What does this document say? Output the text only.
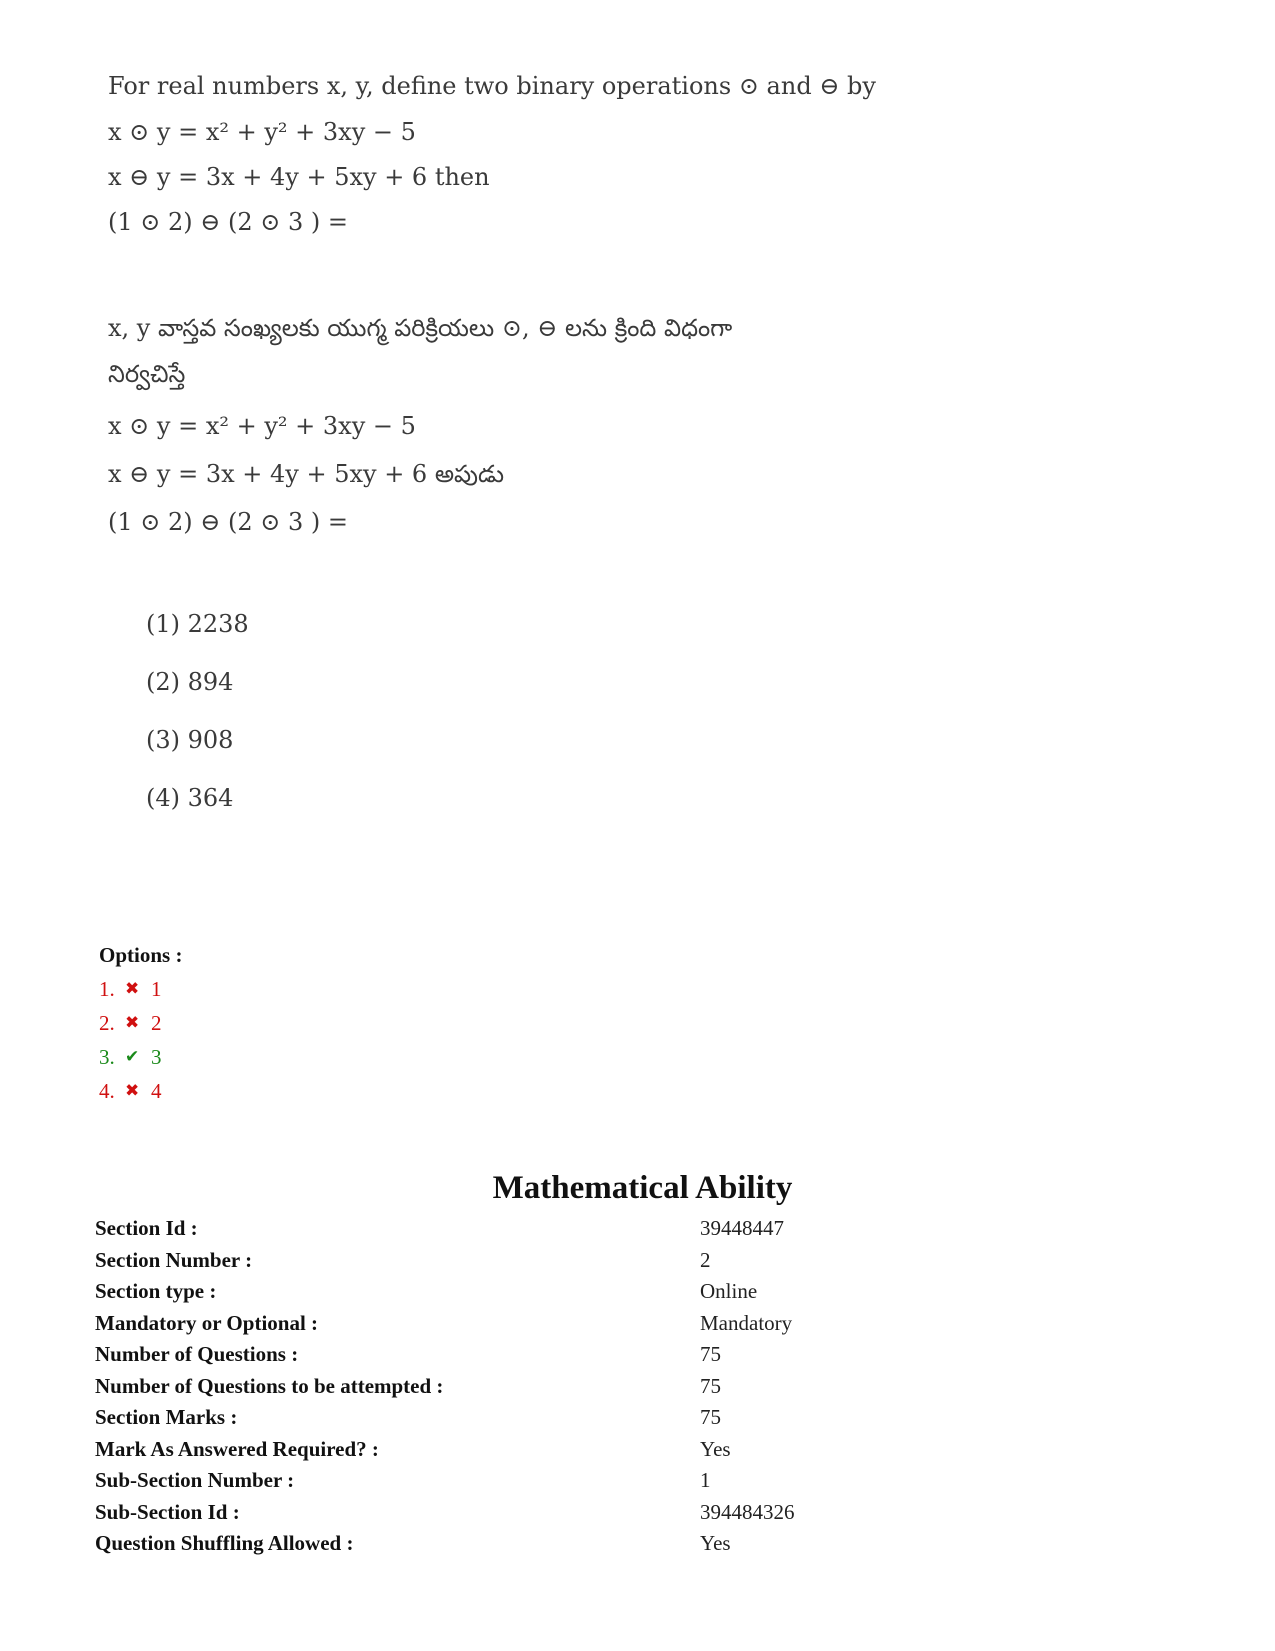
For real numbers x, y, define two binary operations ⊙ and ⊖ by
x ⊙ y = x² + y² + 3xy − 5
x ⊖ y = 3x + 4y + 5xy + 6 then
(1 ⊙ 2) ⊖ (2 ⊙ 3 ) =
x, y వాస్తవ సంఖ్యలకు యుగ్మ పరిక్రియలు ⊙, ⊖ లను క్రింది విధంగా
నిర్వచిస్తే
x ⊙ y = x² + y² + 3xy − 5
x ⊖ y = 3x + 4y + 5xy + 6 అపుడు
(1 ⊙ 2) ⊖ (2 ⊙ 3 ) =
(1) 2238
(2) 894
(3) 908
(4) 364
Options :
1. ✖ 1
2. ✖ 2
3. ✔ 3
4. ✖ 4
Mathematical Ability
Section Id :	39448447
Section Number :	2
Section type :	Online
Mandatory or Optional :	Mandatory
Number of Questions :	75
Number of Questions to be attempted :	75
Section Marks :	75
Mark As Answered Required? :	Yes
Sub-Section Number :	1
Sub-Section Id :	394484326
Question Shuffling Allowed :	Yes
